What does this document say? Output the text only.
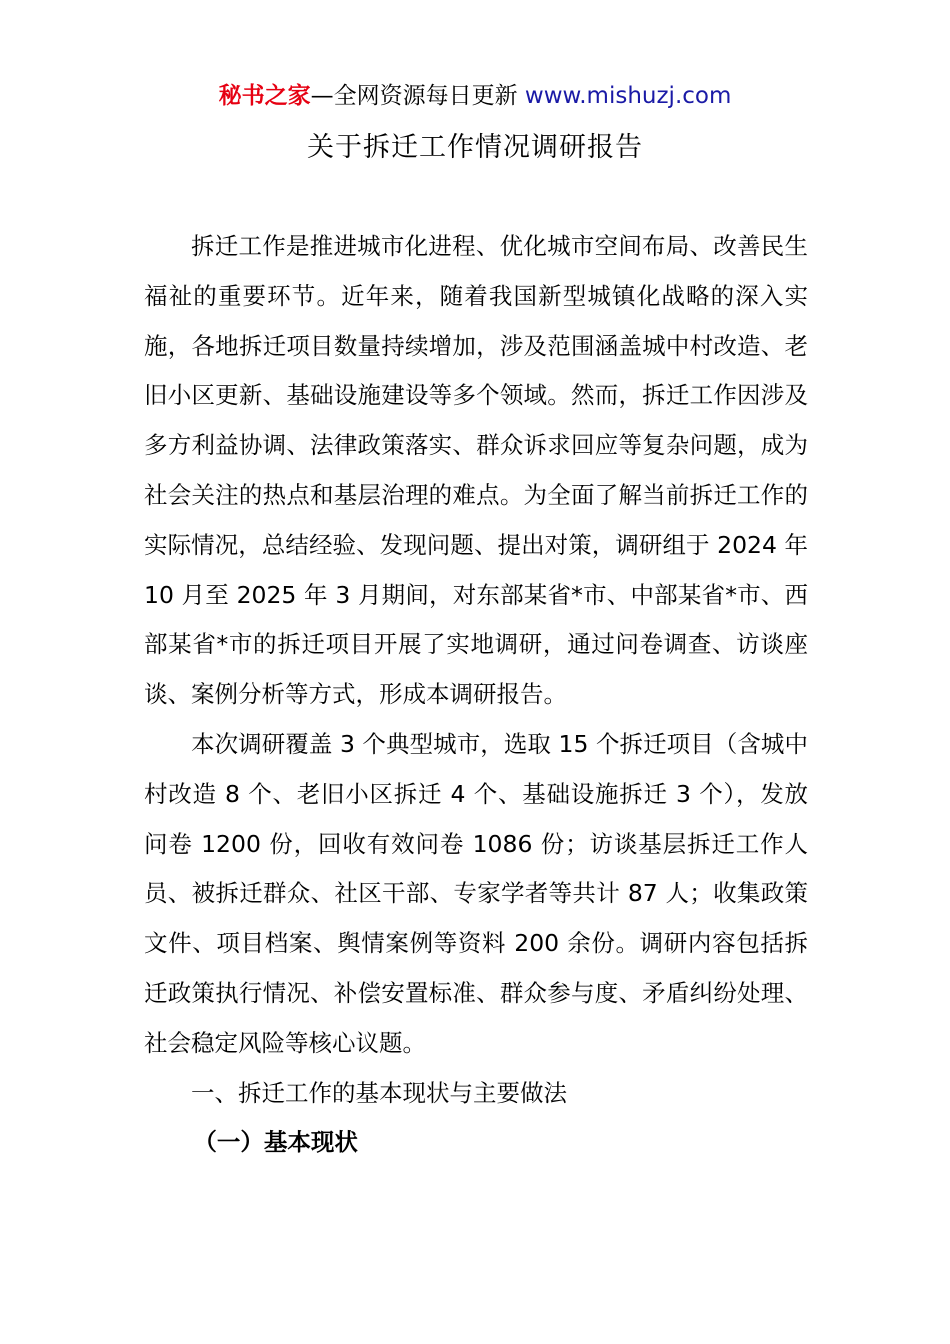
秘书之家—全网资源每日更新 www.mishuzj.com
关于拆迁工作情况调研报告

拆迁工作是推进城市化进程、优化城市空间布局、改善民生福祉的重要环节。近年来，随着我国新型城镇化战略的深入实施，各地拆迁项目数量持续增加，涉及范围涵盖城中村改造、老旧小区更新、基础设施建设等多个领域。然而，拆迁工作因涉及多方利益协调、法律政策落实、群众诉求回应等复杂问题，成为社会关注的热点和基层治理的难点。为全面了解当前拆迁工作的实际情况，总结经验、发现问题、提出对策，调研组于 2024 年 10 月至 2025 年 3 月期间，对东部某省*市、中部某省*市、西部某省*市的拆迁项目开展了实地调研，通过问卷调查、访谈座谈、案例分析等方式，形成本调研报告。

本次调研覆盖 3 个典型城市，选取 15 个拆迁项目（含城中村改造 8 个、老旧小区拆迁 4 个、基础设施拆迁 3 个），发放问卷 1200 份，回收有效问卷 1086 份；访谈基层拆迁工作人员、被拆迁群众、社区干部、专家学者等共计 87 人；收集政策文件、项目档案、舆情案例等资料 200 余份。调研内容包括拆迁政策执行情况、补偿安置标准、群众参与度、矛盾纠纷处理、社会稳定风险等核心议题。

一、拆迁工作的基本现状与主要做法
（一）基本现状
